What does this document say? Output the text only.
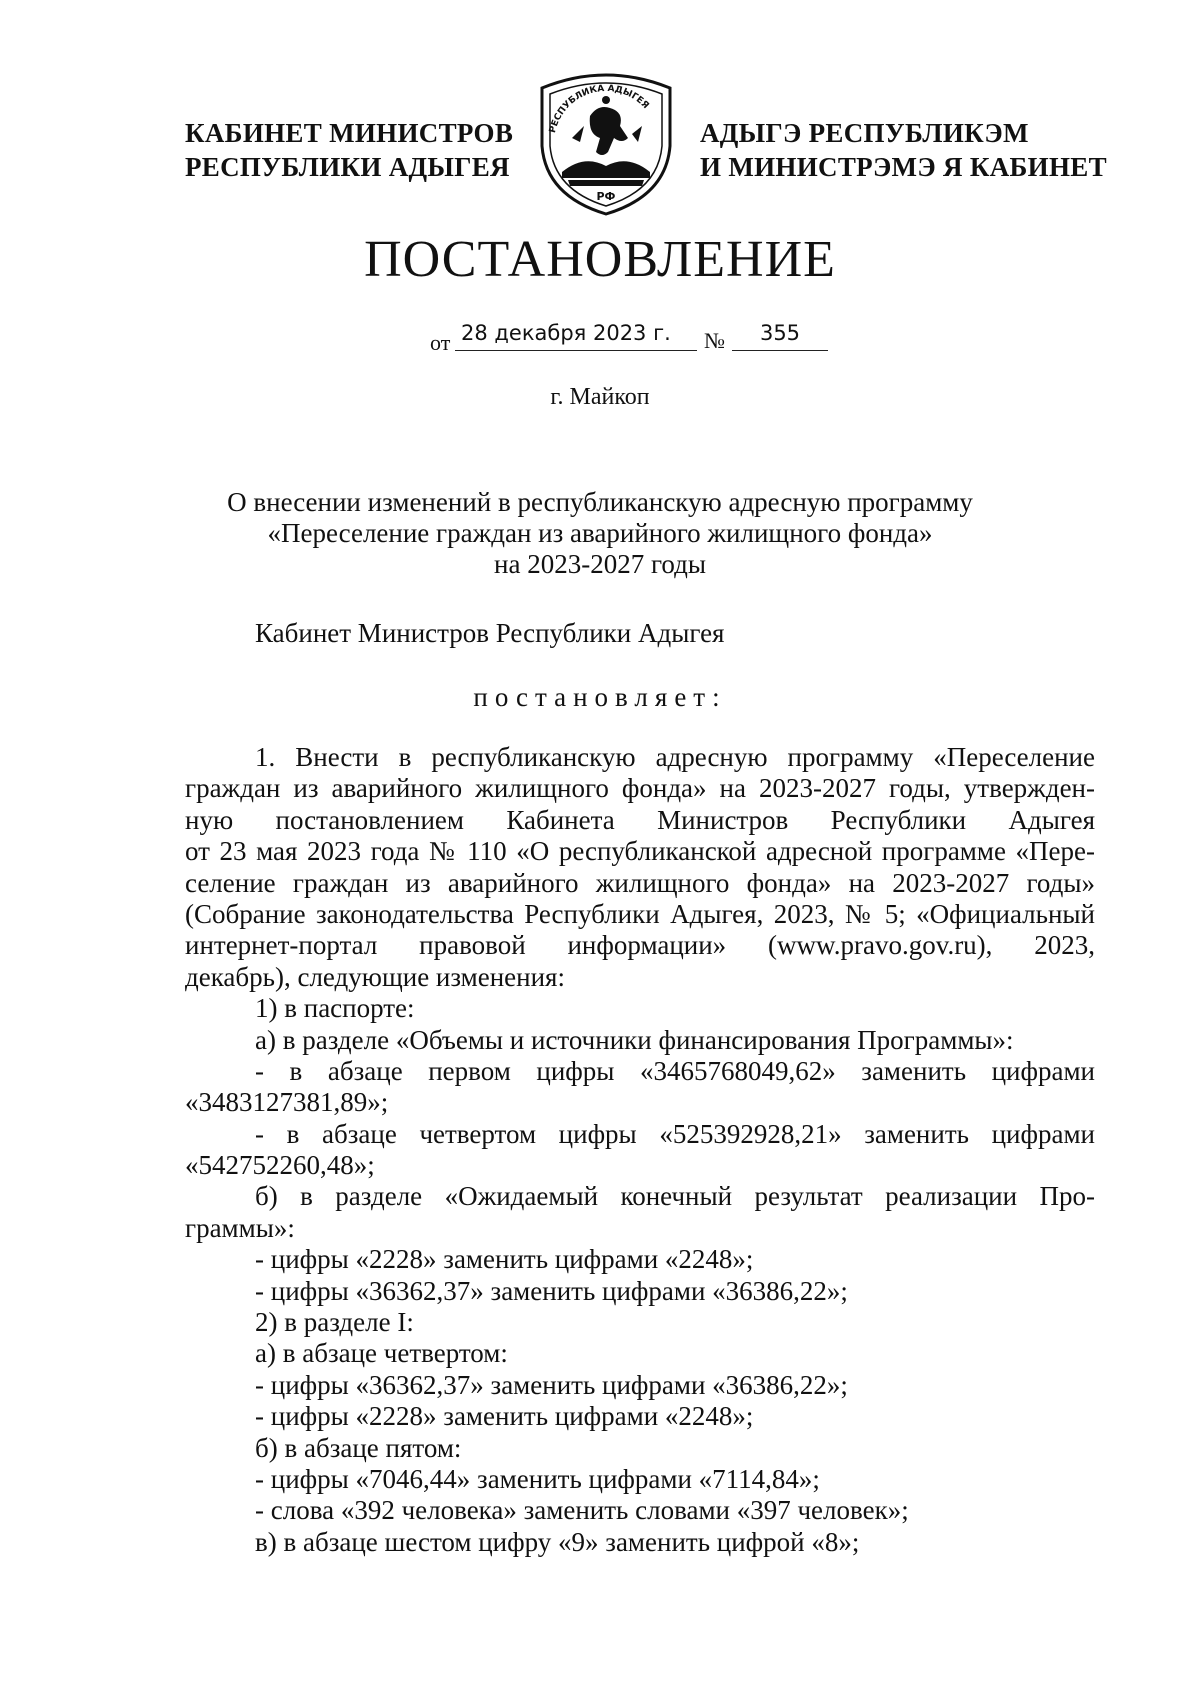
КАБИНЕТ МИНИСТРОВ
РЕСПУБЛИКИ АДЫГЕЯ
РЕСПУБЛИКА АДЫГЕЯ
РФ
АДЫГЭ РЕСПУБЛИКЭМ
И МИНИСТРЭМЭ Я КАБИНЕТ
ПОСТАНОВЛЕНИЕ
от 28 декабря 2023 г.	№	355
г. Майкоп
О внесении изменений в республиканскую адресную программу
«Переселение граждан из аварийного жилищного фонда»
на 2023-2027 годы
Кабинет Министров Республики Адыгея
постановляет:
1. Внести в республиканскую адресную программу «Переселение
граждан из аварийного жилищного фонда» на 2023-2027 годы, утвержден-
ную постановлением Кабинета Министров Республики Адыгея
от 23 мая 2023 года № 110 «О республиканской адресной программе «Пере-
селение граждан из аварийного жилищного фонда» на 2023-2027 годы»
(Собрание законодательства Республики Адыгея, 2023, № 5; «Официальный
интернет-портал правовой информации» (www.pravo.gov.ru), 2023,
декабрь), следующие изменения:
1) в паспорте:
а) в разделе «Объемы и источники финансирования Программы»:
- в абзаце первом цифры «3465768049,62» заменить цифрами
«3483127381,89»;
- в абзаце четвертом цифры «525392928,21» заменить цифрами
«542752260,48»;
б) в разделе «Ожидаемый конечный результат реализации Про-
граммы»:
- цифры «2228» заменить цифрами «2248»;
- цифры «36362,37» заменить цифрами «36386,22»;
2) в разделе I:
а) в абзаце четвертом:
- цифры «36362,37» заменить цифрами «36386,22»;
- цифры «2228» заменить цифрами «2248»;
б) в абзаце пятом:
- цифры «7046,44» заменить цифрами «7114,84»;
- слова «392 человека» заменить словами «397 человек»;
в) в абзаце шестом цифру «9» заменить цифрой «8»;
